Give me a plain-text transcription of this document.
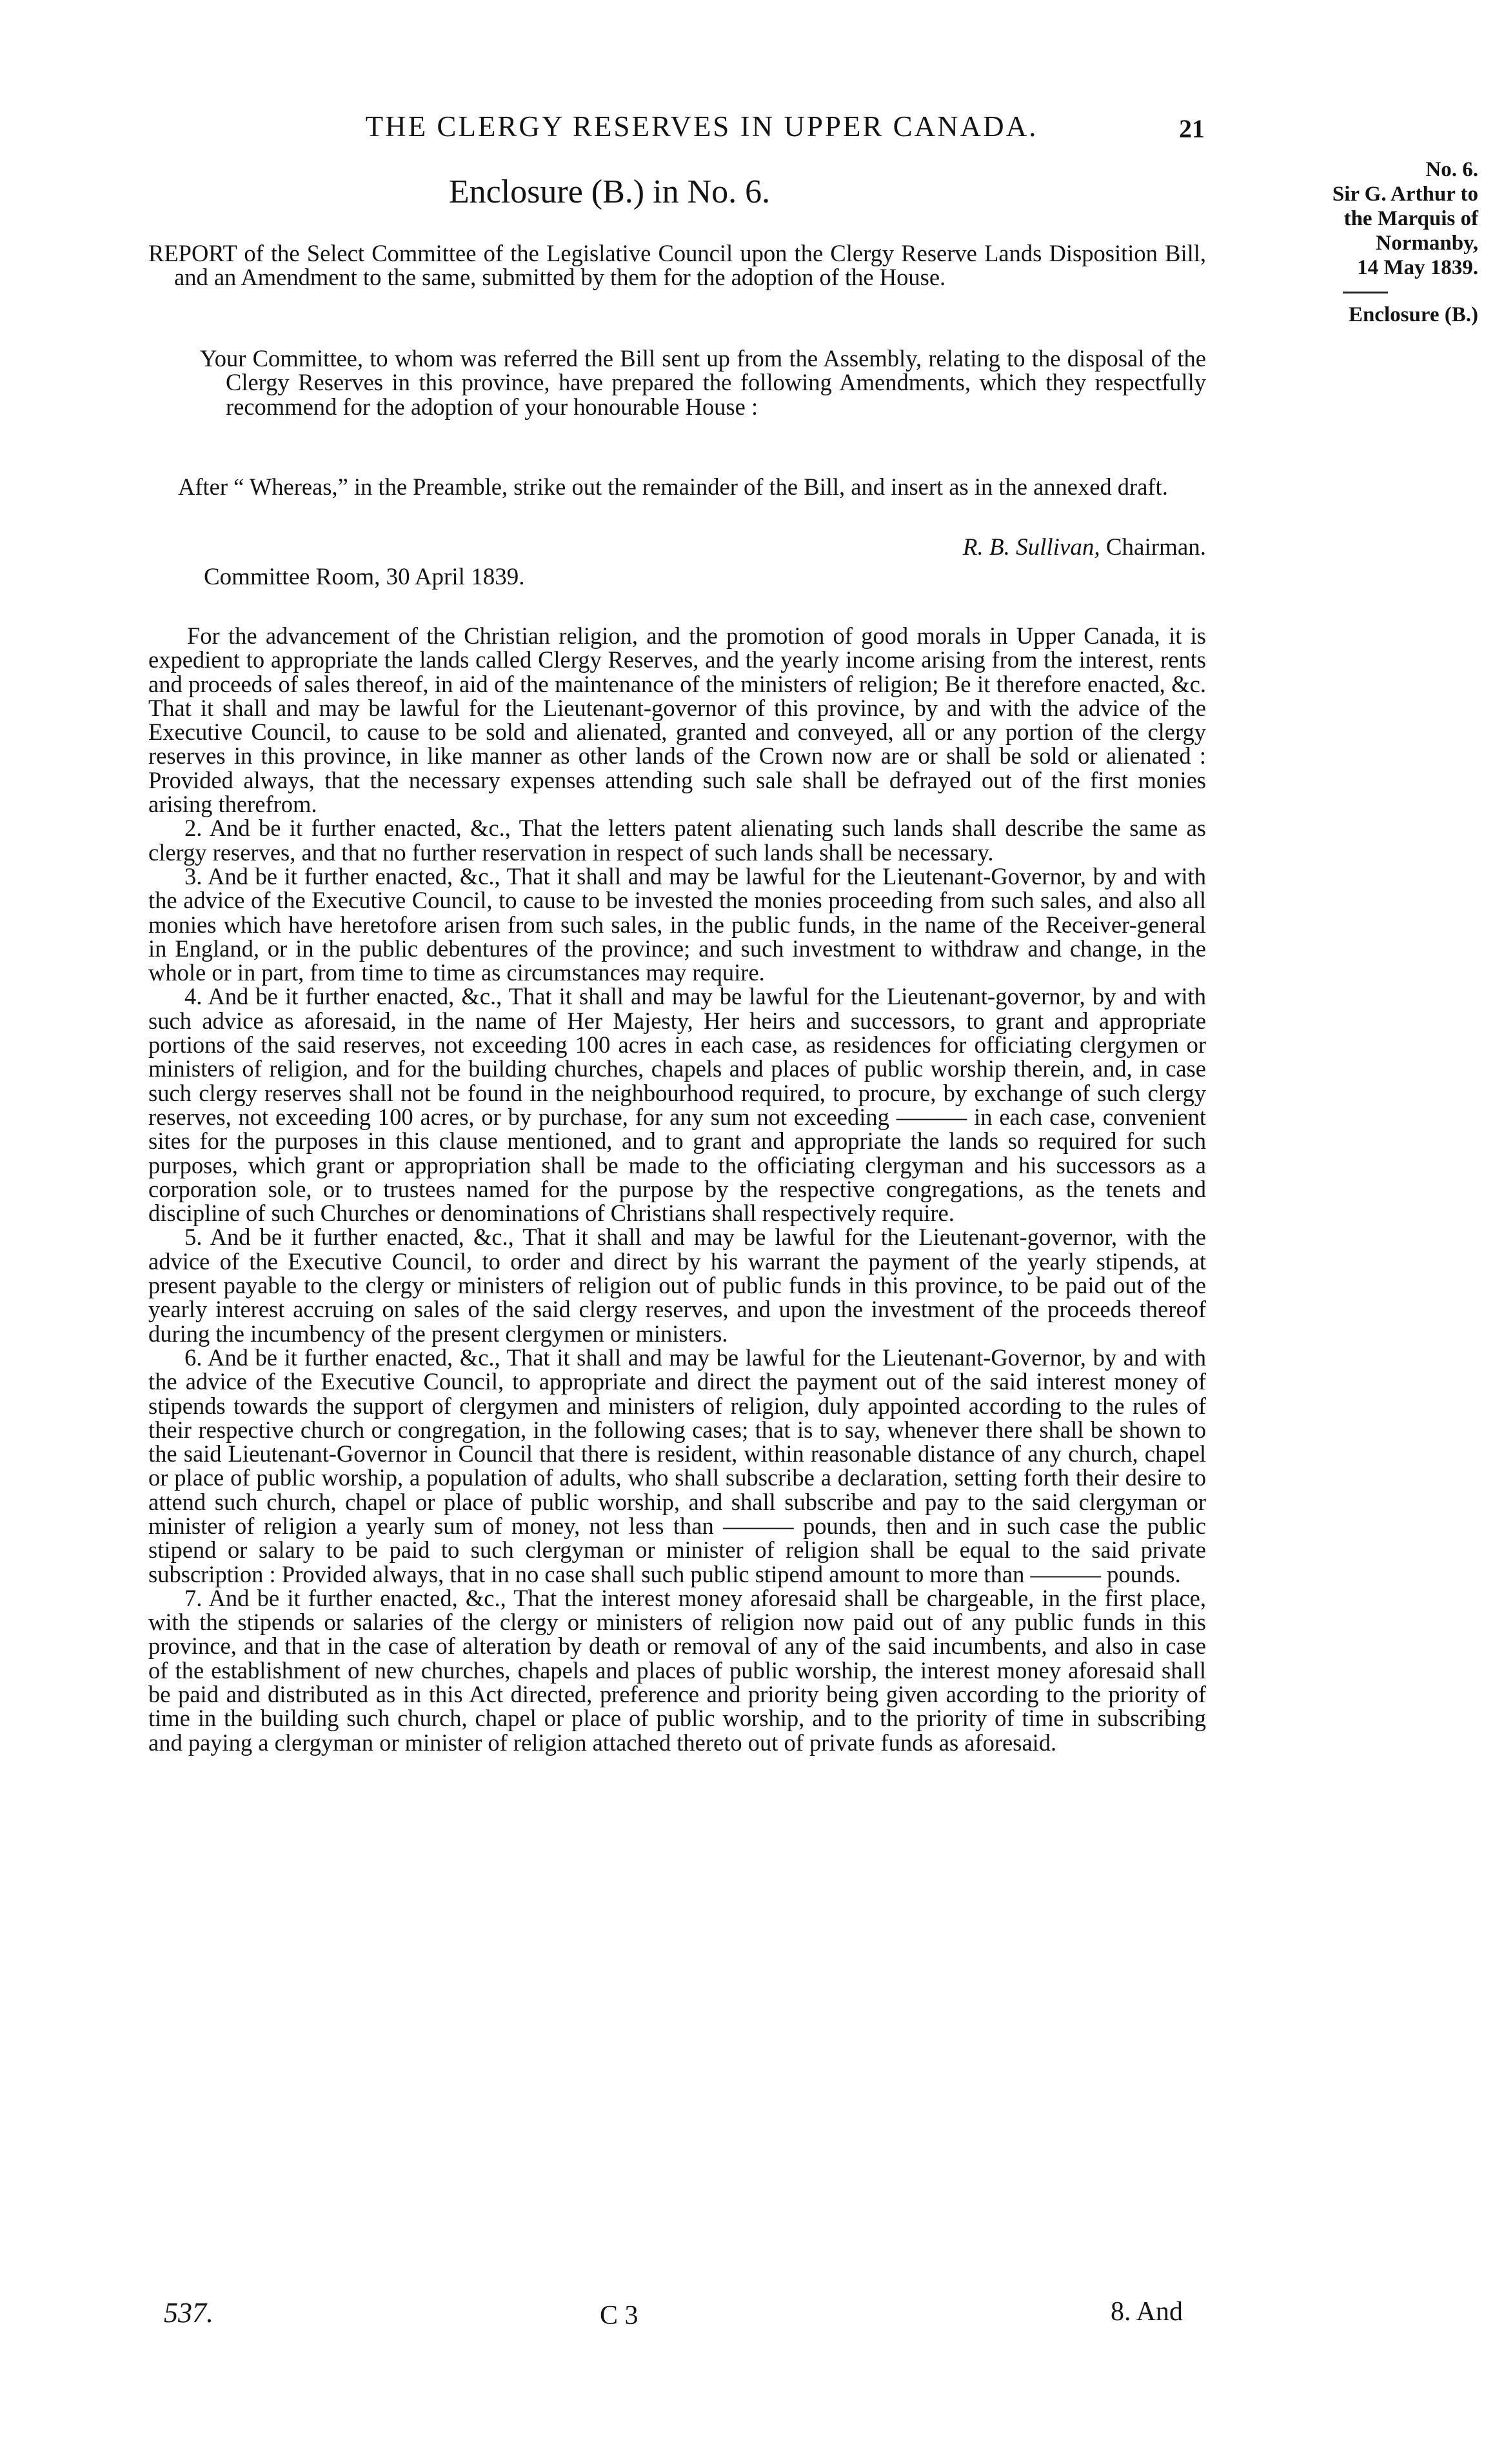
THE CLERGY RESERVES IN UPPER CANADA.	21
Enclosure (B.) in No. 6.
No. 6.
Sir G. Arthur to
the Marquis of
Normanby,
14 May 1839.
Enclosure (B.)

REPORT of the Select Committee of the Legislative Council upon the Clergy Reserve Lands Disposition Bill, and an Amendment to the same, submitted by them for the adoption of the House.

Your Committee, to whom was referred the Bill sent up from the Assembly, relating to the disposal of the Clergy Reserves in this province, have prepared the following Amendments, which they respectfully recommend for the adoption of your honourable House :

After “ Whereas,” in the Preamble, strike out the remainder of the Bill, and insert as in the annexed draft.

R. B. Sullivan, Chairman.
Committee Room, 30 April 1839.

For the advancement of the Christian religion, and the promotion of good morals in Upper Canada, it is expedient to appropriate the lands called Clergy Reserves, and the yearly income arising from the interest, rents and proceeds of sales thereof, in aid of the maintenance of the ministers of religion; Be it therefore enacted, &c. That it shall and may be lawful for the Lieutenant-governor of this province, by and with the advice of the Executive Council, to cause to be sold and alienated, granted and conveyed, all or any portion of the clergy reserves in this province, in like manner as other lands of the Crown now are or shall be sold or alienated : Provided always, that the necessary expenses attending such sale shall be defrayed out of the first monies arising therefrom.

2. And be it further enacted, &c., That the letters patent alienating such lands shall describe the same as clergy reserves, and that no further reservation in respect of such lands shall be necessary.

3. And be it further enacted, &c., That it shall and may be lawful for the Lieutenant-Governor, by and with the advice of the Executive Council, to cause to be invested the monies proceeding from such sales, and also all monies which have heretofore arisen from such sales, in the public funds, in the name of the Receiver-general in England, or in the public debentures of the province; and such investment to withdraw and change, in the whole or in part, from time to time as circumstances may require.

4. And be it further enacted, &c., That it shall and may be lawful for the Lieutenant-governor, by and with such advice as aforesaid, in the name of Her Majesty, Her heirs and successors, to grant and appropriate portions of the said reserves, not exceeding 100 acres in each case, as residences for officiating clergymen or ministers of religion, and for the building churches, chapels and places of public worship therein, and, in case such clergy reserves shall not be found in the neighbourhood required, to procure, by exchange of such clergy reserves, not exceeding 100 acres, or by purchase, for any sum not exceeding ——— in each case, convenient sites for the purposes in this clause mentioned, and to grant and appropriate the lands so required for such purposes, which grant or appropriation shall be made to the officiating clergyman and his successors as a corporation sole, or to trustees named for the purpose by the respective congregations, as the tenets and discipline of such Churches or denominations of Christians shall respectively require.

5. And be it further enacted, &c., That it shall and may be lawful for the Lieutenant-governor, with the advice of the Executive Council, to order and direct by his warrant the payment of the yearly stipends, at present payable to the clergy or ministers of religion out of public funds in this province, to be paid out of the yearly interest accruing on sales of the said clergy reserves, and upon the investment of the proceeds thereof during the incumbency of the present clergymen or ministers.

6. And be it further enacted, &c., That it shall and may be lawful for the Lieutenant-Governor, by and with the advice of the Executive Council, to appropriate and direct the payment out of the said interest money of stipends towards the support of clergymen and ministers of religion, duly appointed according to the rules of their respective church or congregation, in the following cases; that is to say, whenever there shall be shown to the said Lieutenant-Governor in Council that there is resident, within reasonable distance of any church, chapel or place of public worship, a population of adults, who shall subscribe a declaration, setting forth their desire to attend such church, chapel or place of public worship, and shall subscribe and pay to the said clergyman or minister of religion a yearly sum of money, not less than ——— pounds, then and in such case the public stipend or salary to be paid to such clergyman or minister of religion shall be equal to the said private subscription : Provided always, that in no case shall such public stipend amount to more than ——— pounds.

7. And be it further enacted, &c., That the interest money aforesaid shall be chargeable, in the first place, with the stipends or salaries of the clergy or ministers of religion now paid out of any public funds in this province, and that in the case of alteration by death or removal of any of the said incumbents, and also in case of the establishment of new churches, chapels and places of public worship, the interest money aforesaid shall be paid and distributed as in this Act directed, preference and priority being given according to the priority of time in the building such church, chapel or place of public worship, and to the priority of time in subscribing and paying a clergyman or minister of religion attached thereto out of private funds as aforesaid.

537.	C 3	8. And
